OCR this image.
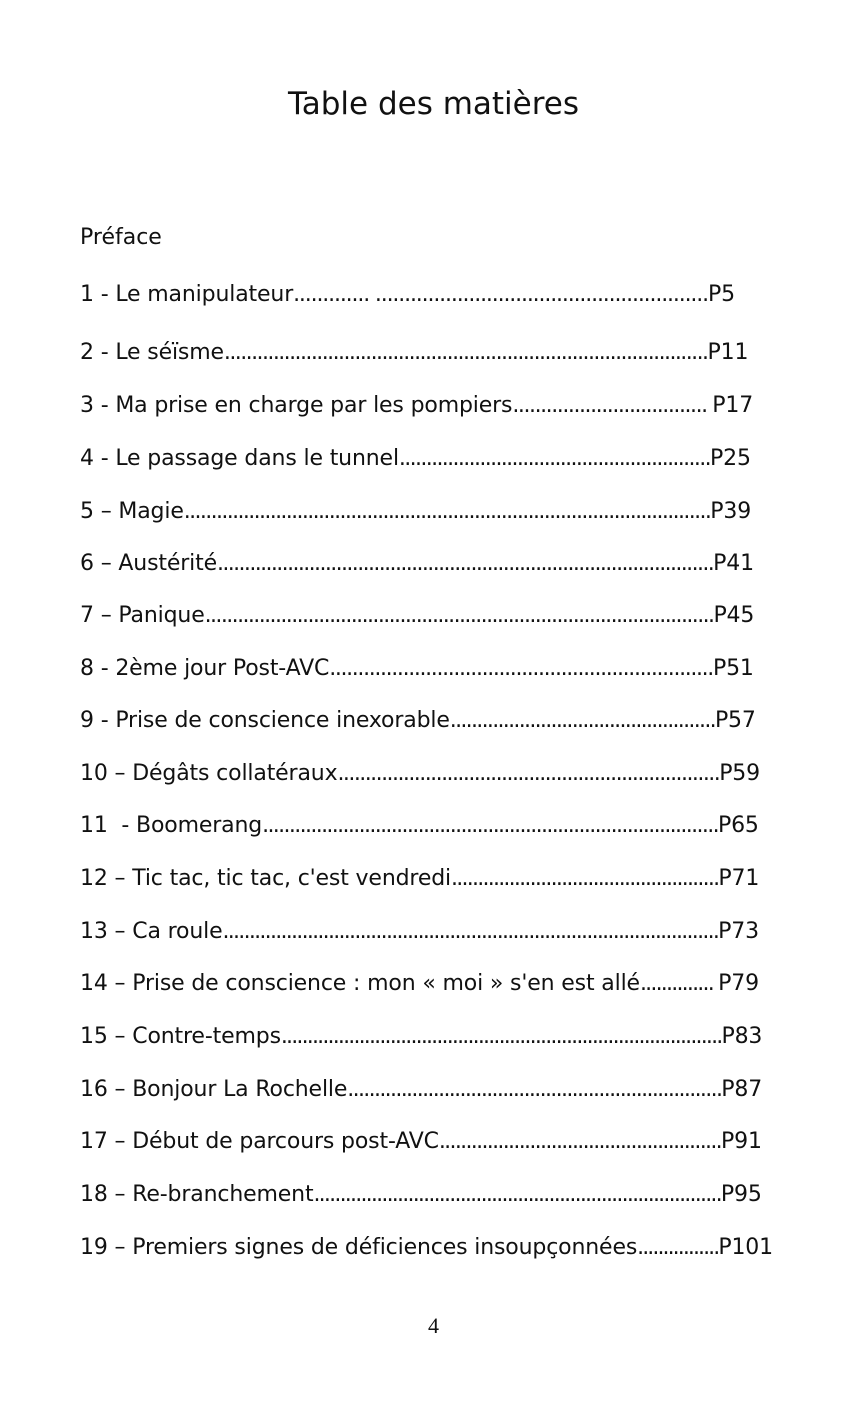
Table des matières
Préface
1 - Le manipulateur............. .........................................................P5
2 - Le séïsme.........................................................................................P11
3 - Ma prise en charge par les pompiers................................... P17
4 - Le passage dans le tunnel..........................................................P25
5 – Magie..................................................................................................P39
6 – Austérité............................................................................................P41
7 – Panique..............................................................................................P45
8 - 2ème jour Post-AVC....................................................................P51
9 - Prise de conscience inexorable..................................................P57
10 – Dégâts collatéraux......................................................................P59
11  - Boomerang.....................................................................................P65
12 – Tic tac, tic tac, c'est vendredi...................................................P71
13 – Ca roule..............................................................................................P73
14 – Prise de conscience : mon « moi » s'en est allé.............. P79
15 – Contre-temps.....................................................................................P83
16 – Bonjour La Rochelle......................................................................P87
17 – Début de parcours post-AVC.....................................................P91
18 – Re-branchement..............................................................................P95
19 – Premiers signes de déficiences insoupçonnées................P101
4
